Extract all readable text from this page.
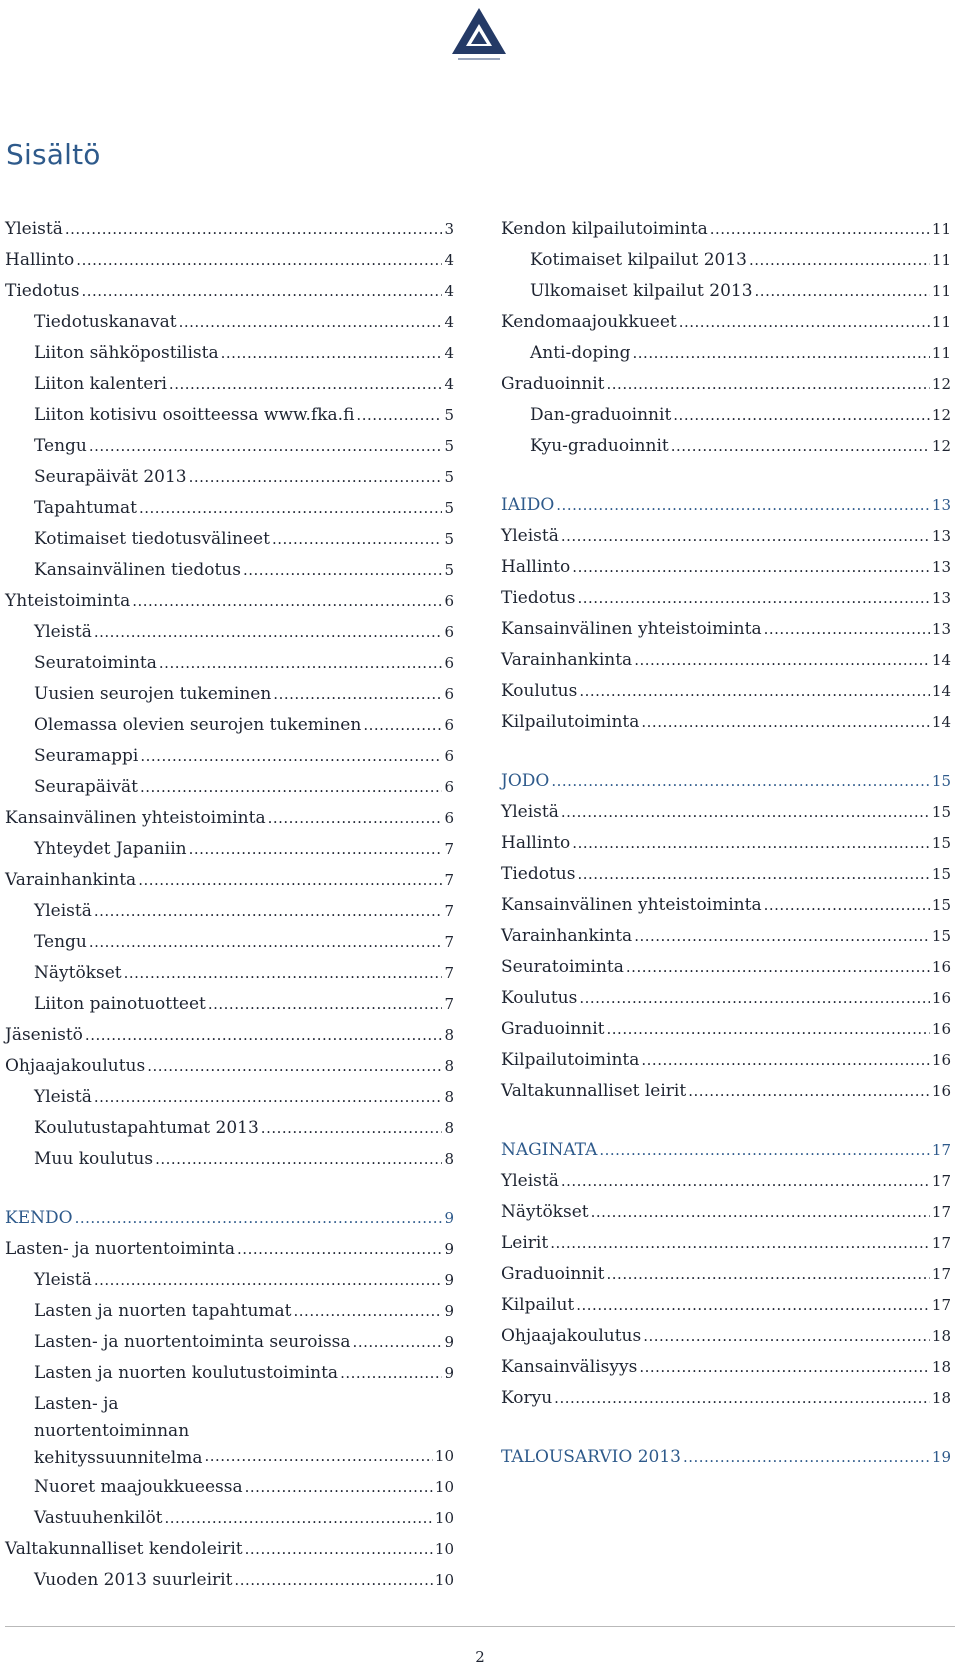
Sisältö
Yleistä .....	3
Hallinto .....	4
Tiedotus .....	4
Tiedotuskanavat .....	4
Liiton sähköpostilista .....	4
Liiton kalenteri .....	4
Liiton kotisivu osoitteessa www.fka.fi .....	5
Tengu .....	5
Seurapäivät 2013 .....	5
Tapahtumat .....	5
Kotimaiset tiedotusvälineet .....	5
Kansainvälinen tiedotus .....	5
Yhteistoiminta .....	6
Yleistä .....	6
Seuratoiminta .....	6
Uusien seurojen tukeminen .....	6
Olemassa olevien seurojen tukeminen .....	6
Seuramappi .....	6
Seurapäivät .....	6
Kansainvälinen yhteistoiminta .....	6
Yhteydet Japaniin .....	7
Varainhankinta .....	7
Yleistä .....	7
Tengu .....	7
Näytökset .....	7
Liiton painotuotteet .....	7
Jäsenistö .....	8
Ohjaajakoulutus .....	8
Yleistä .....	8
Koulutustapahtumat 2013 .....	8
Muu koulutus .....	8
KENDO .....	9
Lasten- ja nuortentoiminta .....	9
Yleistä .....	9
Lasten ja nuorten tapahtumat .....	9
Lasten- ja nuortentoiminta seuroissa .....	9
Lasten ja nuorten koulutustoiminta .....	9
Lasten- ja nuortentoiminnan kehityssuunnitelma .....	10
Nuoret maajoukkueessa .....	10
Vastuuhenkilöt .....	10
Valtakunnalliset kendoleirit .....	10
Vuoden 2013 suurleirit .....	10
Kendon kilpailutoiminta .....	11
Kotimaiset kilpailut 2013 .....	11
Ulkomaiset kilpailut 2013 .....	11
Kendomaajoukkueet .....	11
Anti-doping .....	11
Graduoinnit .....	12
Dan-graduoinnit .....	12
Kyu-graduoinnit .....	12
IAIDO .....	13
Yleistä .....	13
Hallinto .....	13
Tiedotus .....	13
Kansainvälinen yhteistoiminta .....	13
Varainhankinta .....	14
Koulutus .....	14
Kilpailutoiminta .....	14
JODO .....	15
Yleistä .....	15
Hallinto .....	15
Tiedotus .....	15
Kansainvälinen yhteistoiminta .....	15
Varainhankinta .....	15
Seuratoiminta .....	16
Koulutus .....	16
Graduoinnit .....	16
Kilpailutoiminta .....	16
Valtakunnalliset leirit .....	16
NAGINATA .....	17
Yleistä .....	17
Näytökset .....	17
Leirit .....	17
Graduoinnit .....	17
Kilpailut .....	17
Ohjaajakoulutus .....	18
Kansainvälisyys .....	18
Koryu .....	18
TALOUSARVIO 2013 .....	19
2
